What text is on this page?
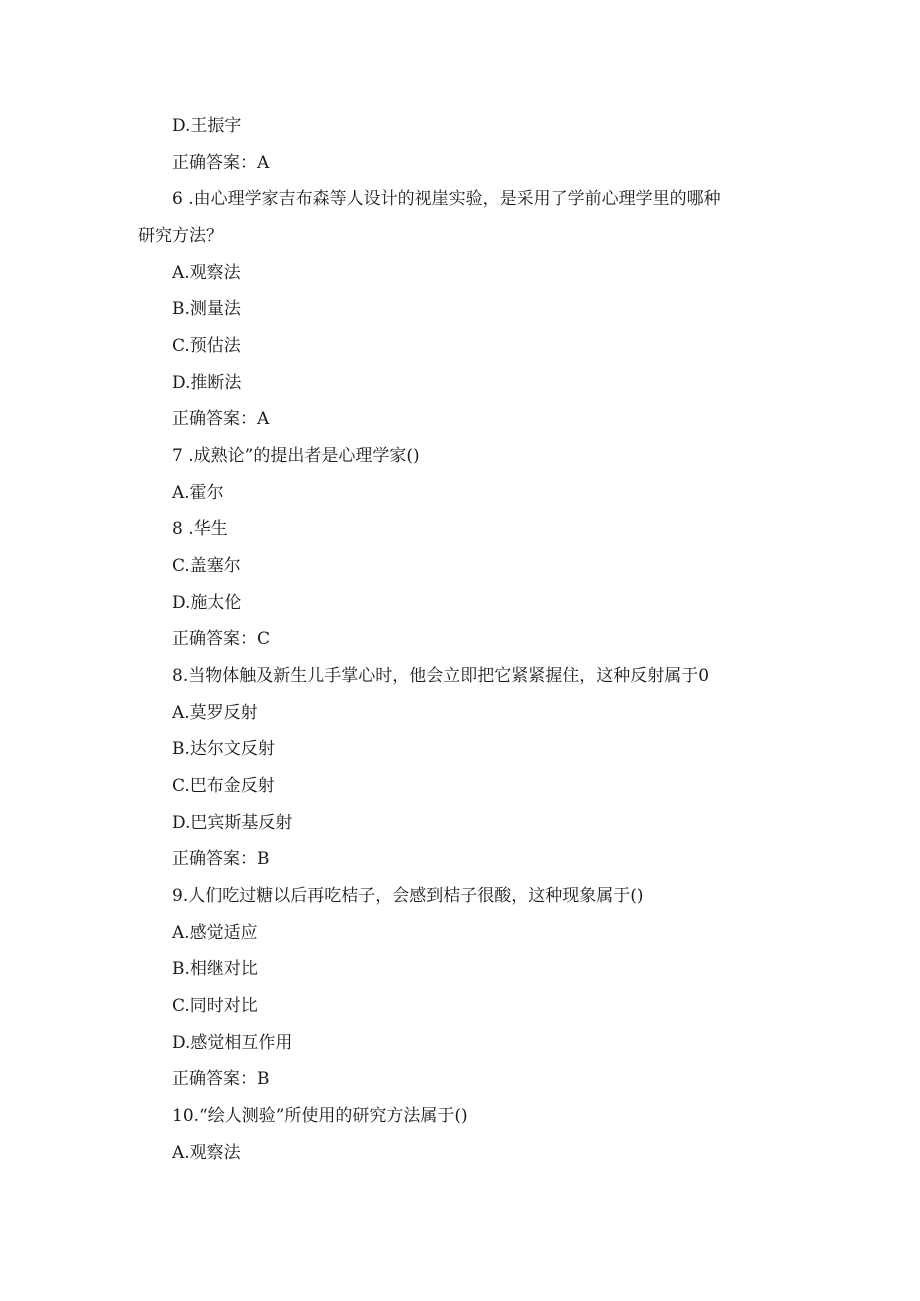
D.王振宇
正确答案：A
6 .由心理学家吉布森等人设计的视崖实验，是采用了学前心理学里的哪种
研究方法？
A.观察法
B.测量法
C.预估法
D.推断法
正确答案：A
7 .成熟论”的提出者是心理学家()
A.霍尔
8 .华生
C.盖塞尔
D.施太伦
正确答案：C
8.当物体触及新生儿手掌心时，他会立即把它紧紧握住，这种反射属于0
A.莫罗反射
B.达尔文反射
C.巴布金反射
D.巴宾斯基反射
正确答案：B
9.人们吃过糖以后再吃桔子，会感到桔子很酸，这种现象属于()
A.感觉适应
B.相继对比
C.同时对比
D.感觉相互作用
正确答案：B
10.“绘人测验”所使用的研究方法属于()
A.观察法
